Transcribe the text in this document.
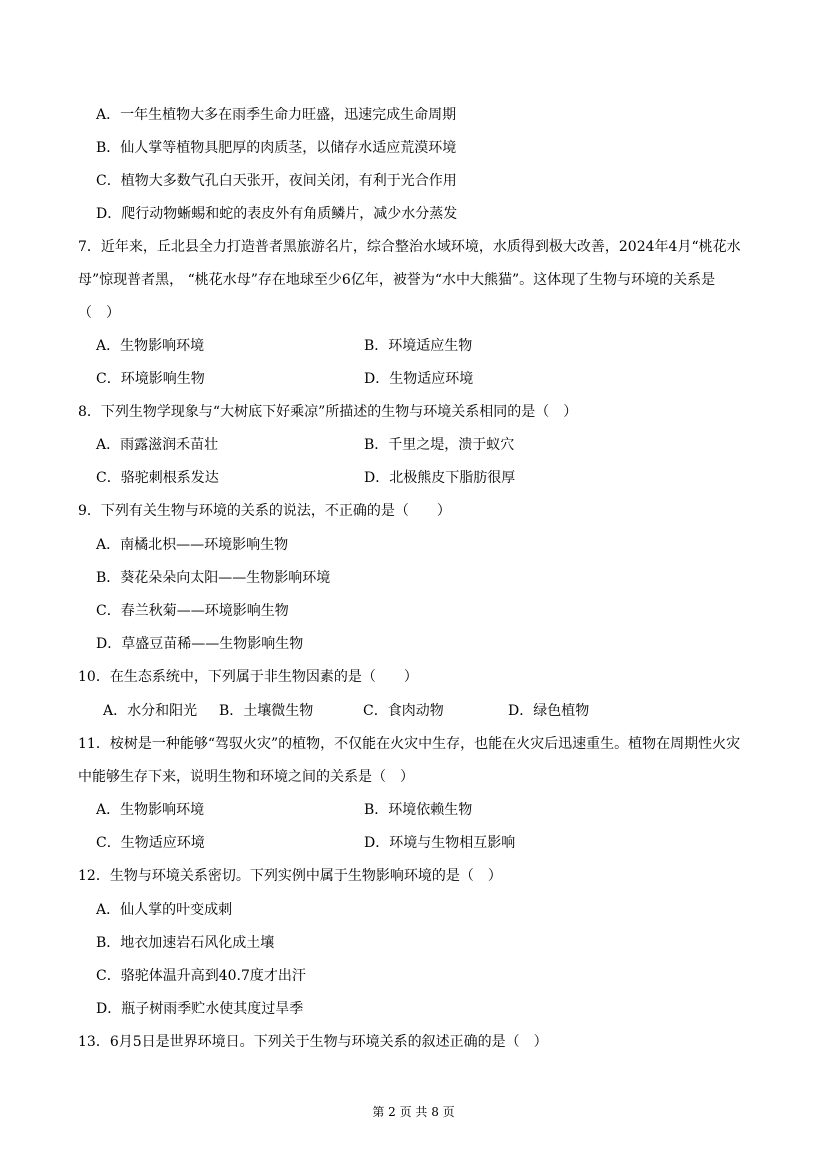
A．一年生植物大多在雨季生命力旺盛，迅速完成生命周期
B．仙人掌等植物具肥厚的肉质茎，以储存水适应荒漠环境
C．植物大多数气孔白天张开，夜间关闭，有利于光合作用
D．爬行动物蜥蜴和蛇的表皮外有角质鳞片，减少水分蒸发
7．近年来，丘北县全力打造普者黑旅游名片，综合整治水域环境，水质得到极大改善，2024年4月“桃花水
母”惊现普者黑， “桃花水母”存在地球至少6亿年，被誉为“水中大熊猫”。这体现了生物与环境的关系是
（　）
A．生物影响环境	B．环境适应生物
C．环境影响生物	D．生物适应环境
8．下列生物学现象与“大树底下好乘凉”所描述的生物与环境关系相同的是（　）
A．雨露滋润禾苗壮	B．千里之堤，溃于蚁穴
C．骆驼刺根系发达	D．北极熊皮下脂肪很厚
9．下列有关生物与环境的关系的说法，不正确的是（　　）
A．南橘北枳——环境影响生物
B．葵花朵朵向太阳——生物影响环境
C．春兰秋菊——环境影响生物
D．草盛豆苗稀——生物影响生物
10．在生态系统中，下列属于非生物因素的是（　　）
A．水分和阳光 B．土壤微生物	C．食肉动物	D．绿色植物
11．桉树是一种能够“驾驭火灾”的植物，不仅能在火灾中生存，也能在火灾后迅速重生。植物在周期性火灾
中能够生存下来，说明生物和环境之间的关系是（　）
A．生物影响环境	B．环境依赖生物
C．生物适应环境	D．环境与生物相互影响
12．生物与环境关系密切。下列实例中属于生物影响环境的是（　）
A．仙人掌的叶变成刺
B．地衣加速岩石风化成土壤
C．骆驼体温升高到40.7度才出汗
D．瓶子树雨季贮水使其度过旱季
13．6月5日是世界环境日。下列关于生物与环境关系的叙述正确的是（　）
第 2 页 共 8 页
